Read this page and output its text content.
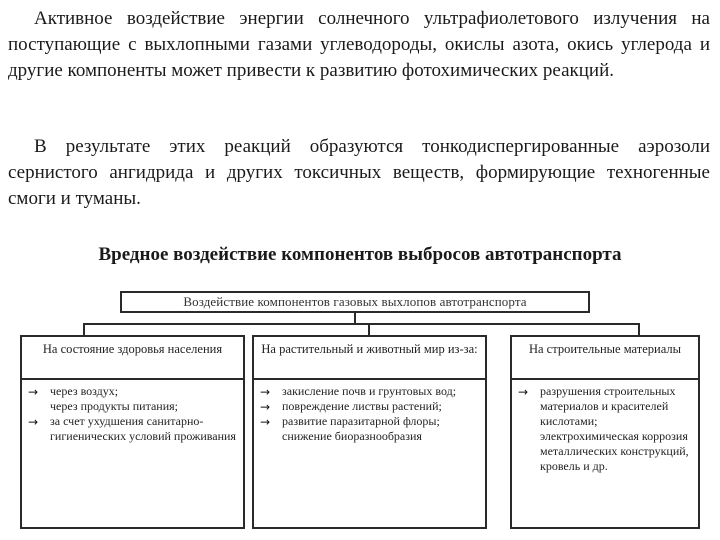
Активное воздействие энергии солнечного ультрафиолетового излучения на поступающие с выхлопными газами углеводороды, окислы азота, окись углерода и другие компоненты может привести к развитию фотохимических реакций.

В результате этих реакций образуются тонкодиспергированные аэрозоли сернистого ангидрида и других токсичных веществ, формирующие техногенные смоги и туманы.

Вредное воздействие компонентов выбросов автотранспорта
Воздействие компонентов газовых выхлопов автотранспорта
На состояние здоровья населения
→ через воздух;
через продукты питания;
→ за счет ухудшения санитарно-гигиенических условий проживания
На растительный и животный мир из-за:
→ закисление почв и грунтовых вод;
→ повреждение листвы растений;
→ развитие паразитарной флоры; снижение биоразнообразия
На строительные материалы
→ разрушения строительных материалов и красителей кислотами;
электрохимическая коррозия металлических конструкций, кровель и др.
